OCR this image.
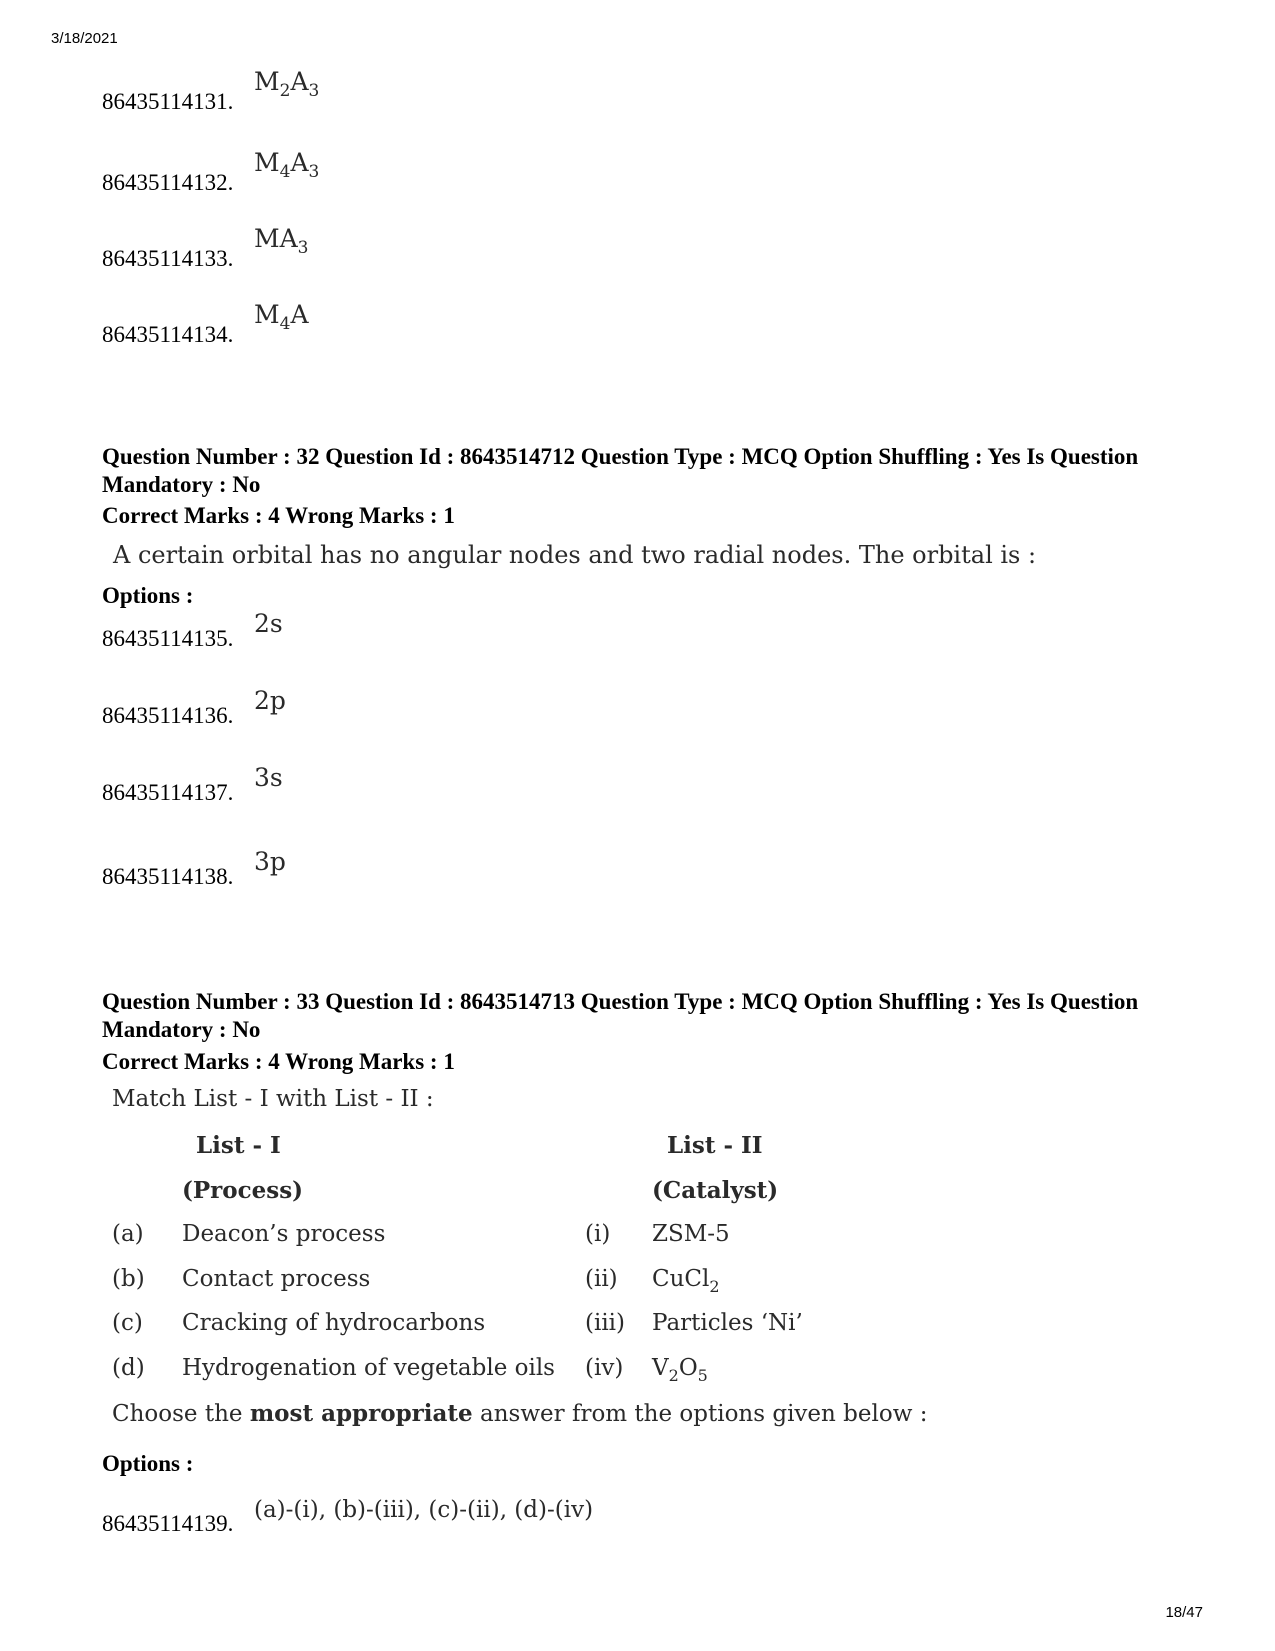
3/18/2021
86435114131.
$M_2A_3$
86435114132.
$M_4A_3$
86435114133.
$MA_3$
86435114134.
$M_4A$
Question Number : 32 Question Id : 8643514712 Question Type : MCQ Option Shuffling : Yes Is Question Mandatory : No
Correct Marks : 4 Wrong Marks : 1
A certain orbital has no angular nodes and two radial nodes. The orbital is :
Options :
86435114135.
2s
86435114136.
2p
86435114137.
3s
86435114138.
3p
Question Number : 33 Question Id : 8643514713 Question Type : MCQ Option Shuffling : Yes Is Question Mandatory : No
Correct Marks : 4 Wrong Marks : 1
Match List - I with List - II :
List - I
(Process)
List - II
(Catalyst)
(a) Deacon’s process	(i) ZSM-5
(b) Contact process	(ii) CuCl$_2$
(c) Cracking of hydrocarbons	(iii) Particles ‘Ni’
(d) Hydrogenation of vegetable oils (iv) $V_2O_5$
Choose the most appropriate answer from the options given below :
Options :
86435114139.
(a)-(i), (b)-(iii), (c)-(ii), (d)-(iv)
18/47
